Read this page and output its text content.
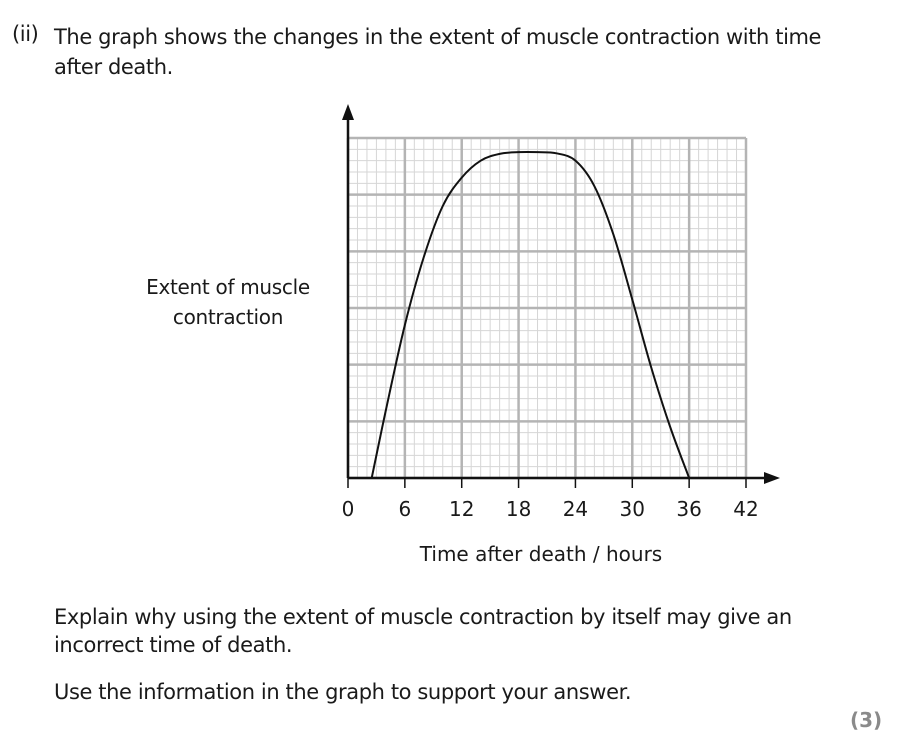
(ii) The graph shows the changes in the extent of muscle contraction with time after death.
Extent of muscle contraction
0 6 12 18 24 30 36 42
Time after death / hours
Explain why using the extent of muscle contraction by itself may give an incorrect time of death.
Use the information in the graph to support your answer.
(3)
